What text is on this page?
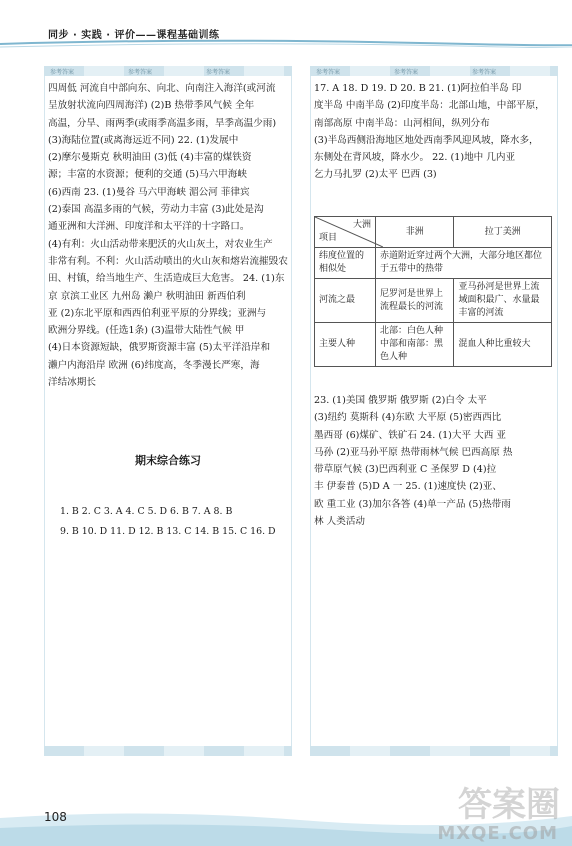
同步 · 实践 · 评价——课程基础训练
参考答案	参考答案	参考答案
四周低 河流自中部向东、向北、向南注入海洋(或河流
呈放射状流向四周海洋) (2)B 热带季风气候 全年
高温，分旱、雨两季(或雨季高温多雨，旱季高温少雨)
(3)海陆位置(或离海远近不同) 22. (1)发展中
(2)摩尔曼斯克 秋明油田 (3)低 (4)丰富的煤铁资
源；丰富的水资源；便利的交通 (5)马六甲海峡
(6)西南 23. (1)曼谷 马六甲海峡 湄公河 菲律宾
(2)泰国 高温多雨的气候，劳动力丰富 (3)此处是沟
通亚洲和大洋洲、印度洋和太平洋的十字路口。
(4)有利：火山活动带来肥沃的火山灰土，对农业生产
非常有利。不利：火山活动喷出的火山灰和熔岩流摧毁农
田、村镇，给当地生产、生活造成巨大危害。 24. (1)东
京 京滨工业区 九州岛 濑户 秋明油田 新西伯利
亚 (2)东北平原和西西伯利亚平原的分界线；亚洲与
欧洲分界线。(任选1条) (3)温带大陆性气候 甲
(4)日本资源短缺，俄罗斯资源丰富 (5)太平洋沿岸和
濑户内海沿岸 欧洲 (6)纬度高，冬季漫长严寒，海
洋结冰期长
期末综合练习
1. B 2. C 3. A 4. C 5. D 6. B 7. A 8. B
9. B 10. D 11. D 12. B 13. C 14. B 15. C 16. D
参考答案	参考答案	参考答案
17. A 18. D 19. D 20. B 21. (1)阿拉伯半岛 印
度半岛 中南半岛 (2)印度半岛：北部山地，中部平原，
南部高原 中南半岛：山河相间，纵列分布
(3)半岛西侧沿海地区地处西南季风迎风坡，降水多，
东侧处在背风坡，降水少。 22. (1)地中 几内亚
乞力马扎罗 (2)太平 巴西 (3)
大洲
项目	非洲	拉丁美洲
纬度位置的相似处	赤道附近穿过两个大洲，大部分地区都位于五带中的热带	
河流之最	尼罗河是世界上流程最长的河流	亚马孙河是世界上流域面积最广、水量最丰富的河流
主要人种	北部：白色人种 中部和南部：黑色人种	混血人种比重较大
23. (1)美国 俄罗斯 俄罗斯 (2)白令 太平
(3)纽约 莫斯科 (4)东欧 大平原 (5)密西西比
墨西哥 (6)煤矿、铁矿石 24. (1)大平 大西 亚
马孙 (2)亚马孙平原 热带雨林气候 巴西高原 热
带草原气候 (3)巴西利亚 C 圣保罗 D (4)拉
丰 伊泰普 (5)D A 一 25. (1)速度快 (2)亚、
欧 重工业 (3)加尔各答 (4)单一产品 (5)热带雨
林 人类活动
108	答案圈
MXQE.COM
